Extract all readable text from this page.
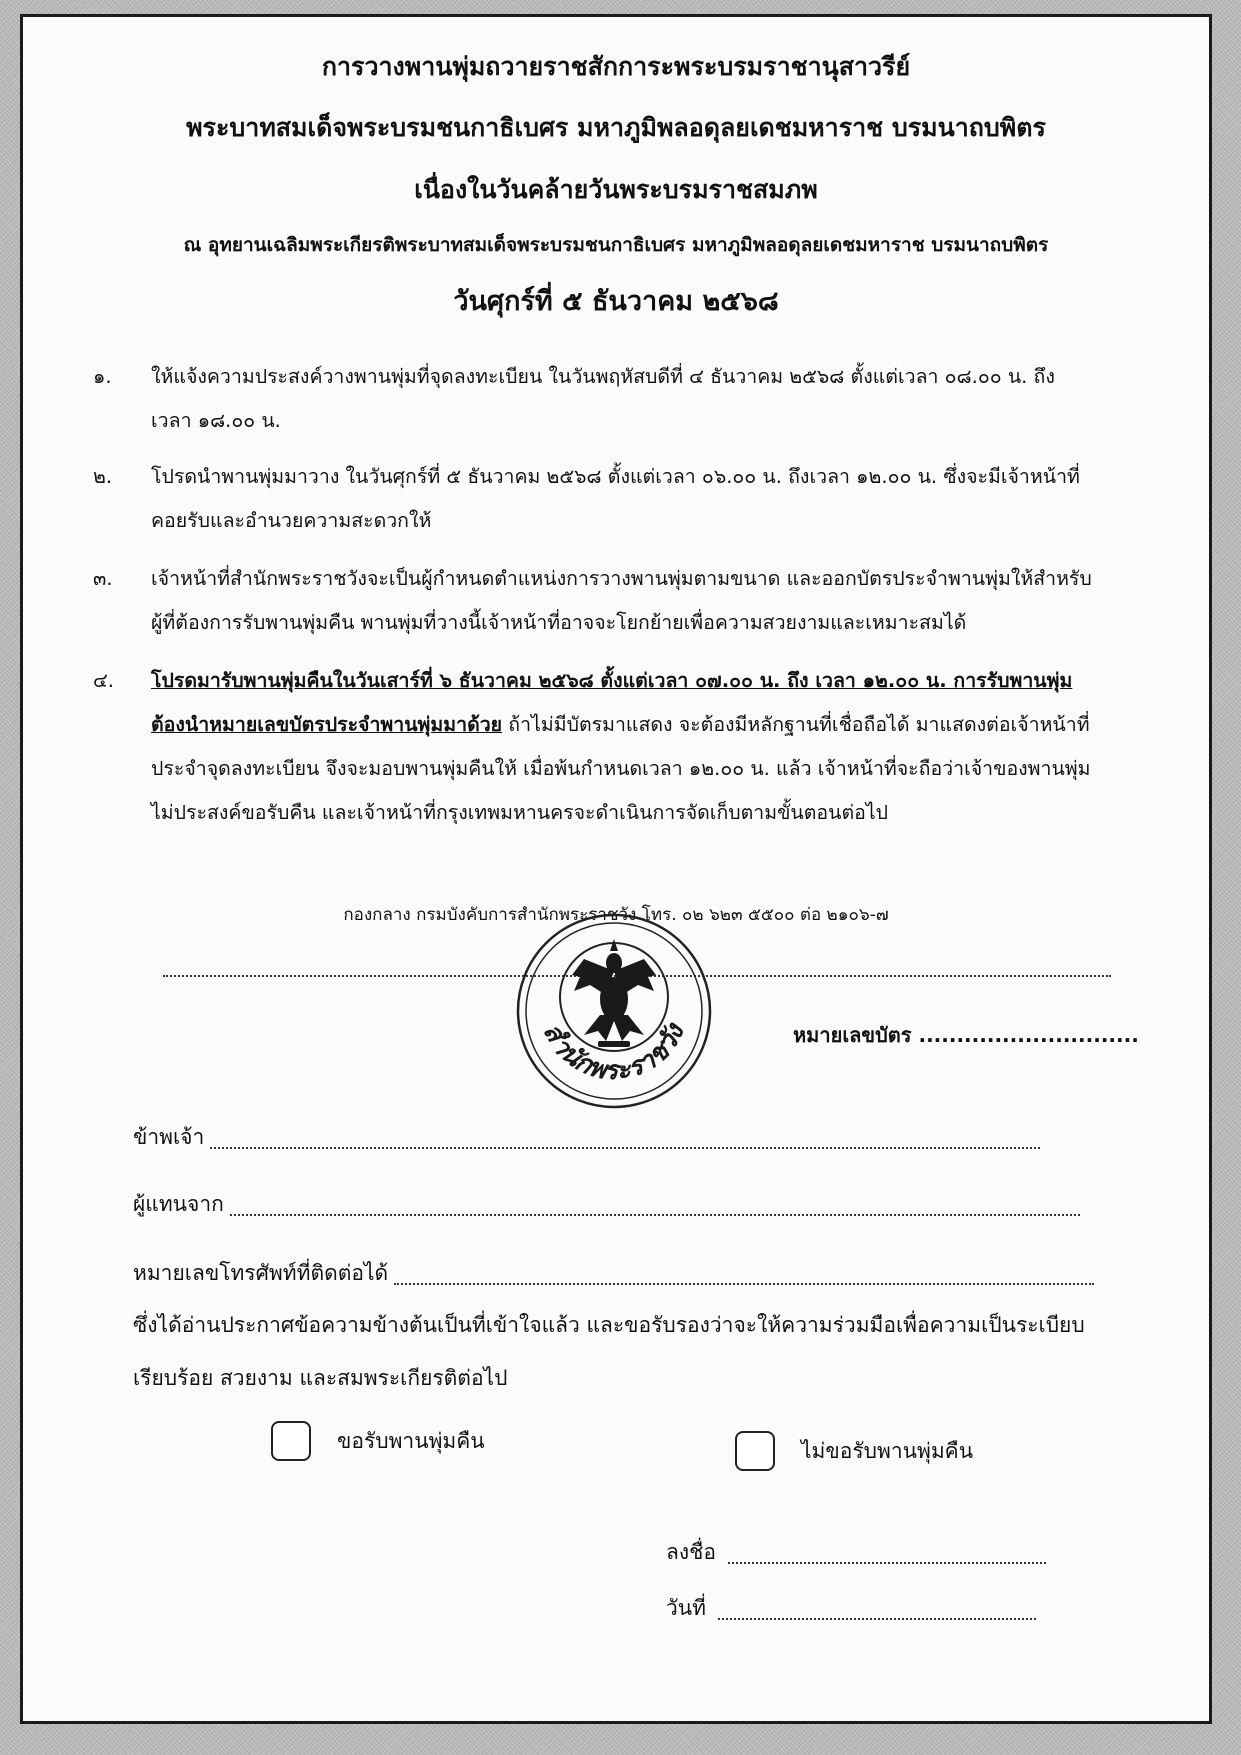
การวางพานพุ่มถวายราชสักการะพระบรมราชานุสาวรีย์
พระบาทสมเด็จพระบรมชนกาธิเบศร มหาภูมิพลอดุลยเดชมหาราช บรมนาถบพิตร
เนื่องในวันคล้ายวันพระบรมราชสมภพ
ณ อุทยานเฉลิมพระเกียรติพระบาทสมเด็จพระบรมชนกาธิเบศร มหาภูมิพลอดุลยเดชมหาราช บรมนาถบพิตร
วันศุกร์ที่ ๕ ธันวาคม ๒๕๖๘
๑.	ให้แจ้งความประสงค์วางพานพุ่มที่จุดลงทะเบียน ในวันพฤหัสบดีที่ ๔ ธันวาคม ๒๕๖๘ ตั้งแต่เวลา ๐๘.๐๐ น. ถึง
เวลา ๑๘.๐๐ น.
๒.	โปรดนำพานพุ่มมาวาง ในวันศุกร์ที่ ๕ ธันวาคม ๒๕๖๘ ตั้งแต่เวลา ๐๖.๐๐ น. ถึงเวลา ๑๒.๐๐ น. ซึ่งจะมีเจ้าหน้าที่
คอยรับและอำนวยความสะดวกให้
๓.	เจ้าหน้าที่สำนักพระราชวังจะเป็นผู้กำหนดตำแหน่งการวางพานพุ่มตามขนาด และออกบัตรประจำพานพุ่มให้สำหรับ
ผู้ที่ต้องการรับพานพุ่มคืน พานพุ่มที่วางนี้เจ้าหน้าที่อาจจะโยกย้ายเพื่อความสวยงามและเหมาะสมได้
๔.	โปรดมารับพานพุ่มคืนในวันเสาร์ที่ ๖ ธันวาคม ๒๕๖๘ ตั้งแต่เวลา ๐๗.๐๐ น. ถึง เวลา ๑๒.๐๐ น. การรับพานพุ่ม
ต้องนำหมายเลขบัตรประจำพานพุ่มมาด้วย ถ้าไม่มีบัตรมาแสดง จะต้องมีหลักฐานที่เชื่อถือได้ มาแสดงต่อเจ้าหน้าที่
ประจำจุดลงทะเบียน จึงจะมอบพานพุ่มคืนให้ เมื่อพ้นกำหนดเวลา ๑๒.๐๐ น. แล้ว เจ้าหน้าที่จะถือว่าเจ้าของพานพุ่ม
ไม่ประสงค์ขอรับคืน และเจ้าหน้าที่กรุงเทพมหานครจะดำเนินการจัดเก็บตามขั้นตอนต่อไป
กองกลาง กรมบังคับการสำนักพระราชวัง โทร. ๐๒ ๖๒๓ ๕๕๐๐ ต่อ ๒๑๐๖-๗
สำนักพระราชวัง	หมายเลขบัตร .............................
ข้าพเจ้า
ผู้แทนจาก
หมายเลขโทรศัพท์ที่ติดต่อได้
ซึ่งได้อ่านประกาศข้อความข้างต้นเป็นที่เข้าใจแล้ว และขอรับรองว่าจะให้ความร่วมมือเพื่อความเป็นระเบียบ
เรียบร้อย สวยงาม และสมพระเกียรติต่อไป
ขอรับพานพุ่มคืน	ไม่ขอรับพานพุ่มคืน
ลงชื่อ
วันที่
